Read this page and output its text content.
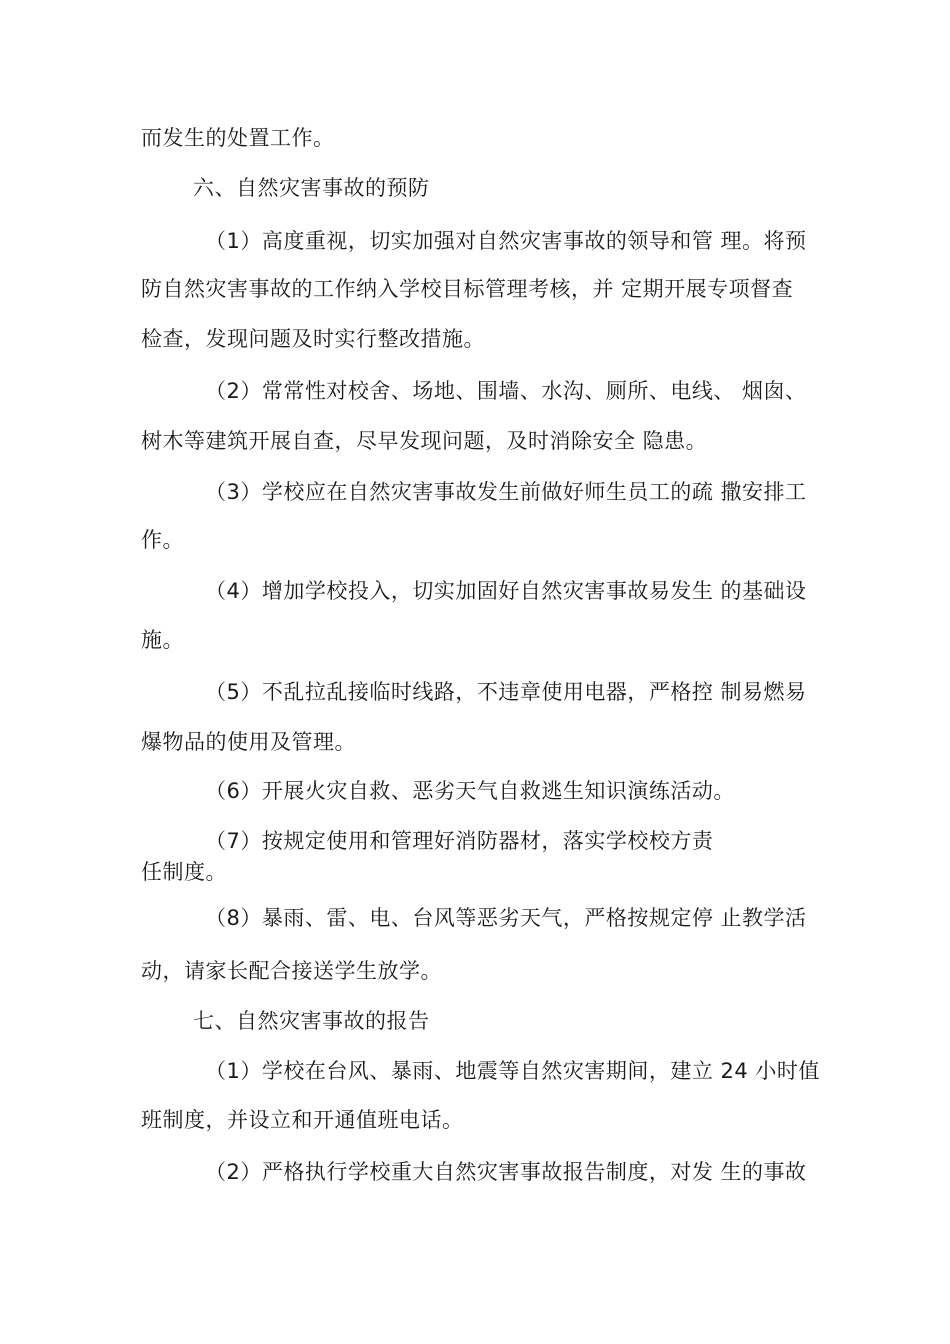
而发生的处置工作。
六、自然灾害事故的预防
（1）高度重视，切实加强对自然灾害事故的领导和管 理。将预
防自然灾害事故的工作纳入学校目标管理考核，并 定期开展专项督查
检查，发现问题及时实行整改措施。
（2）常常性对校舍、场地、围墙、水沟、厕所、电线、 烟囱、
树木等建筑开展自查，尽早发现问题，及时消除安全 隐患。
（3）学校应在自然灾害事故发生前做好师生员工的疏 撒安排工
作。
（4）增加学校投入，切实加固好自然灾害事故易发生 的基础设
施。
（5）不乱拉乱接临时线路，不违章使用电器，严格控 制易燃易
爆物品的使用及管理。
（6）开展火灾自救、恶劣天气自救逃生知识演练活动。
（7）按规定使用和管理好消防器材，落实学校校方责
任制度。
（8）暴雨、雷、电、台风等恶劣天气，严格按规定停 止教学活
动，请家长配合接送学生放学。
七、自然灾害事故的报告
（1）学校在台风、暴雨、地震等自然灾害期间，建立 24 小时值
班制度，并设立和开通值班电话。
（2）严格执行学校重大自然灾害事故报告制度，对发 生的事故
